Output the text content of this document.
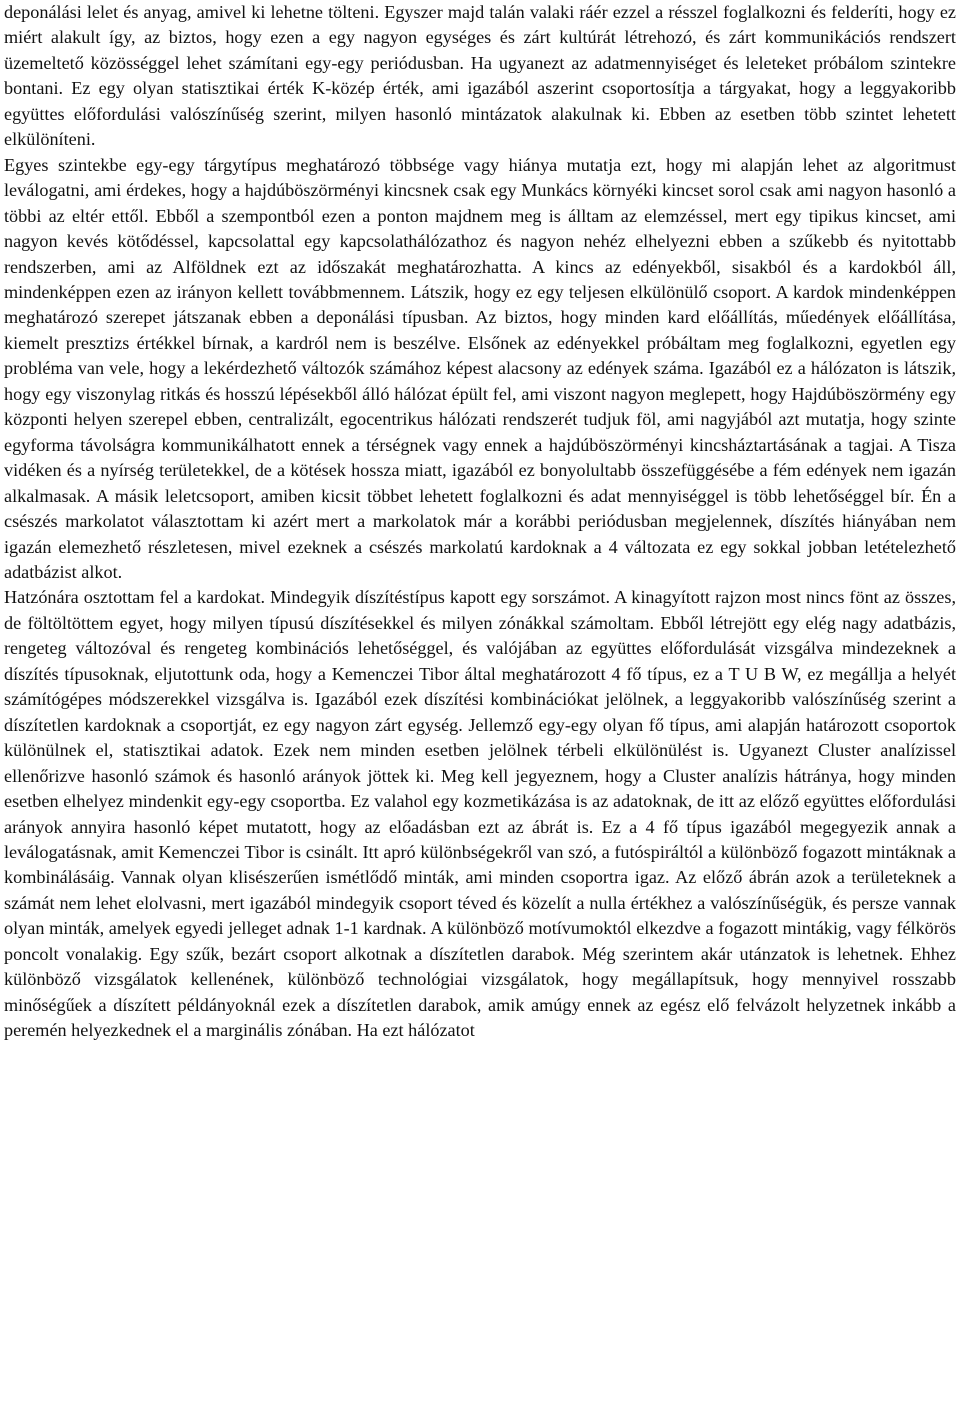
deponálási lelet és anyag, amivel ki lehetne tölteni. Egyszer majd talán valaki ráér ezzel a résszel foglalkozni és felderíti, hogy ez miért alakult így, az biztos, hogy ezen a egy nagyon egységes és zárt kultúrát létrehozó, és zárt kommunikációs rendszert üzemeltető közösséggel lehet számítani egy-egy periódusban. Ha ugyanezt az adatmennyiséget és leleteket próbálom szintekre bontani. Ez egy olyan statisztikai érték K-közép érték, ami igazából aszerint csoportosítja a tárgyakat, hogy a leggyakoribb együttes előfordulási valószínűség szerint, milyen hasonló mintázatok alakulnak ki. Ebben az esetben több szintet lehetett elkülöníteni.

Egyes szintekbe egy-egy tárgytípus meghatározó többsége vagy hiánya mutatja ezt, hogy mi alapján lehet az algoritmust leválogatni, ami érdekes, hogy a hajdúböszörményi kincsnek csak egy Munkács környéki kincset sorol csak ami nagyon hasonló a többi az eltér ettől. Ebből a szempontból ezen a ponton majdnem meg is álltam az elemzéssel, mert egy tipikus kincset, ami nagyon kevés kötődéssel, kapcsolattal egy kapcsolathálózathoz és nagyon nehéz elhelyezni ebben a szűkebb és nyitottabb rendszerben, ami az Alföldnek ezt az időszakát meghatározhatta. A kincs az edényekből, sisakból és a kardokból áll, mindenképpen ezen az irányon kellett továbbmennem. Látszik, hogy ez egy teljesen elkülönülő csoport. A kardok mindenképpen meghatározó szerepet játszanak ebben a deponálási típusban. Az biztos, hogy minden kard előállítás, műedények előállítása, kiemelt presztizs értékkel bírnak, a kardról nem is beszélve. Elsőnek az edényekkel próbáltam meg foglalkozni, egyetlen egy probléma van vele, hogy a lekérdezhető változók számához képest alacsony az edények száma. Igazából ez a hálózaton is látszik, hogy egy viszonylag ritkás és hosszú lépésekből álló hálózat épült fel, ami viszont nagyon meglepett, hogy Hajdúböszörmény egy központi helyen szerepel ebben, centralizált, egocentrikus hálózati rendszerét tudjuk föl, ami nagyjából azt mutatja, hogy szinte egyforma távolságra kommunikálhatott ennek a térségnek vagy ennek a hajdúböszörményi kincsháztartásának a tagjai. A Tisza vidéken és a nyírség területekkel, de a kötések hossza miatt, igazából ez bonyolultabb összefüggésébe a fém edények nem igazán alkalmasak. A másik leletcsoport, amiben kicsit többet lehetett foglalkozni és adat mennyiséggel is több lehetőséggel bír. Én a csészés markolatot választottam ki azért mert a markolatok már a korábbi periódusban megjelennek, díszítés hiányában nem igazán elemezhető részletesen, mivel ezeknek a csészés markolatú kardoknak a 4 változata ez egy sokkal jobban letételezhető adatbázist alkot.

Hatzónára osztottam fel a kardokat. Mindegyik díszítéstípus kapott egy sorszámot. A kinagyított rajzon most nincs fönt az összes, de föltöltöttem egyet, hogy milyen típusú díszítésekkel és milyen zónákkal számoltam. Ebből létrejött egy elég nagy adatbázis, rengeteg változóval és rengeteg kombinációs lehetőséggel, és valójában az együttes előfordulását vizsgálva mindezeknek a díszítés típusoknak, eljutottunk oda, hogy a Kemenczei Tibor által meghatározott 4 fő típus, ez a T U B W, ez megállja a helyét számítógépes módszerekkel vizsgálva is. Igazából ezek díszítési kombinációkat jelölnek, a leggyakoribb valószínűség szerint a díszítetlen kardoknak a csoportját, ez egy nagyon zárt egység. Jellemző egy-egy olyan fő típus, ami alapján határozott csoportok különülnek el, statisztikai adatok. Ezek nem minden esetben jelölnek térbeli elkülönülést is. Ugyanezt Cluster analízissel ellenőrizve hasonló számok és hasonló arányok jöttek ki. Meg kell jegyeznem, hogy a Cluster analízis hátránya, hogy minden esetben elhelyez mindenkit egy-egy csoportba. Ez valahol egy kozmetikázása is az adatoknak, de itt az előző együttes előfordulási arányok annyira hasonló képet mutatott, hogy az előadásban ezt az ábrát is. Ez a 4 fő típus igazából megegyezik annak a leválogatásnak, amit Kemenczei Tibor is csinált. Itt apró különbségekről van szó, a futóspiráltól a különböző fogazott mintáknak a kombinálásáig. Vannak olyan klisészerűen ismétlődő minták, ami minden csoportra igaz. Az előző ábrán azok a területeknek a számát nem lehet elolvasni, mert igazából mindegyik csoport téved és közelít a nulla értékhez a valószínűségük, és persze vannak olyan minták, amelyek egyedi jelleget adnak 1-1 kardnak. A különböző motívumoktól elkezdve a fogazott mintákig, vagy félkörös poncolt vonalakig. Egy szűk, bezárt csoport alkotnak a díszítetlen darabok. Még szerintem akár utánzatok is lehetnek. Ehhez különböző vizsgálatok kellenének, különböző technológiai vizsgálatok, hogy megállapítsuk, hogy mennyivel rosszabb minőségűek a díszített példányoknál ezek a díszítetlen darabok, amik amúgy ennek az egész elő felvázolt helyzetnek inkább a peremén helyezkednek el a marginális zónában. Ha ezt hálózatot
